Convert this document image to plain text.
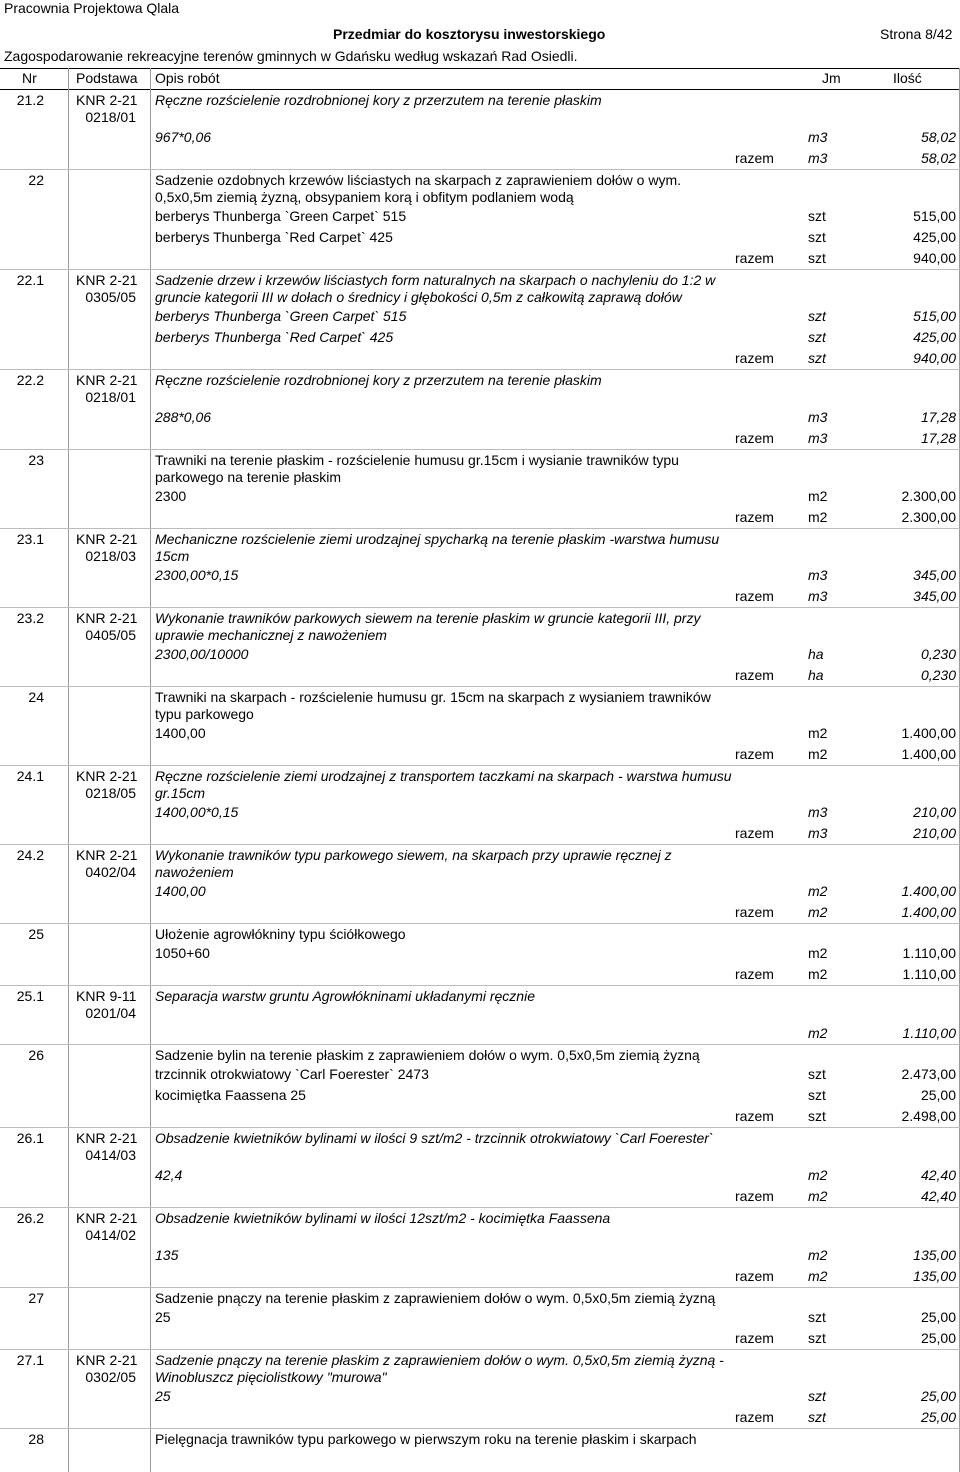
Pracownia Projektowa Qlala
Przedmiar do kosztorysu inwestorskiego	Strona 8/42
Zagospodarowanie rekreacyjne terenów gminnych w Gdańsku według wskazań Rad Osiedli.
Nr	Podstawa Opis robót	Jm	Ilość
21.2 KNR 2-21
0218/01
Ręczne rozścielenie rozdrobnionej kory z przerzutem na terenie płaskim
967*0,06	m3	58,02
razem m3	58,02
22	Sadzenie ozdobnych krzewów liściastych na skarpach z zaprawieniem dołów o wym.
0,5x0,5m ziemią żyzną, obsypaniem korą i obfitym podlaniem wodą
berberys Thunberga `Green Carpet` 515	szt	515,00
berberys Thunberga `Red Carpet` 425	szt	425,00
razem szt	940,00
22.1 KNR 2-21
0305/05
Sadzenie drzew i krzewów liściastych form naturalnych na skarpach o nachyleniu do 1:2 w
gruncie kategorii III w dołach o średnicy i głębokości 0,5m z całkowitą zaprawą dołów
berberys Thunberga `Green Carpet` 515	szt	515,00
berberys Thunberga `Red Carpet` 425	szt	425,00
razem szt	940,00
22.2 KNR 2-21
0218/01
Ręczne rozścielenie rozdrobnionej kory z przerzutem na terenie płaskim
288*0,06	m3	17,28
razem m3	17,28
23	Trawniki na terenie płaskim - rozścielenie humusu gr.15cm i wysianie trawników typu
parkowego na terenie płaskim
2300	m2	2.300,00
razem m2	2.300,00
23.1 KNR 2-21
0218/03
Mechaniczne rozścielenie ziemi urodzajnej spycharką na terenie płaskim -warstwa humusu
15cm
2300,00*0,15	m3	345,00
razem m3	345,00
23.2 KNR 2-21
0405/05
Wykonanie trawników parkowych siewem na terenie płaskim w gruncie kategorii III, przy
uprawie mechanicznej z nawożeniem
2300,00/10000	ha	0,230
razem ha	0,230
24	Trawniki na skarpach - rozścielenie humusu gr. 15cm na skarpach z wysianiem trawników
typu parkowego
1400,00	m2	1.400,00
razem m2	1.400,00
24.1 KNR 2-21
0218/05
Ręczne rozścielenie ziemi urodzajnej z transportem taczkami na skarpach - warstwa humusu
gr.15cm
1400,00*0,15	m3	210,00
razem m3	210,00
24.2 KNR 2-21
0402/04
Wykonanie trawników typu parkowego siewem, na skarpach przy uprawie ręcznej z
nawożeniem
1400,00	m2	1.400,00
razem m2	1.400,00
25	Ułożenie agrowłókniny typu ściółkowego
1050+60	m2	1.110,00
razem m2	1.110,00
25.1 KNR 9-11
0201/04
Separacja warstw gruntu Agrowłókninami układanymi ręcznie
m2	1.110,00
26	Sadzenie bylin na terenie płaskim z zaprawieniem dołów o wym. 0,5x0,5m ziemią żyzną
trzcinnik otrokwiatowy `Carl Foerester` 2473	szt	2.473,00
kocimiętka Faassena 25	szt	25,00
razem szt	2.498,00
26.1 KNR 2-21
0414/03
Obsadzenie kwietników bylinami w ilości 9 szt/m2 - trzcinnik otrokwiatowy `Carl Foerester`
42,4	m2	42,40
razem m2	42,40
26.2 KNR 2-21
0414/02
Obsadzenie kwietników bylinami w ilości 12szt/m2 - kocimiętka Faassena
135	m2	135,00
razem m2	135,00
27	Sadzenie pnączy na terenie płaskim z zaprawieniem dołów o wym. 0,5x0,5m ziemią żyzną
25	szt	25,00
razem szt	25,00
27.1 KNR 2-21
0302/05
Sadzenie pnączy na terenie płaskim z zaprawieniem dołów o wym. 0,5x0,5m ziemią żyzną -
Winobluszcz pięciolistkowy "murowa"
25	szt	25,00
razem szt	25,00
28	Pielęgnacja trawników typu parkowego w pierwszym roku na terenie płaskim i skarpach
